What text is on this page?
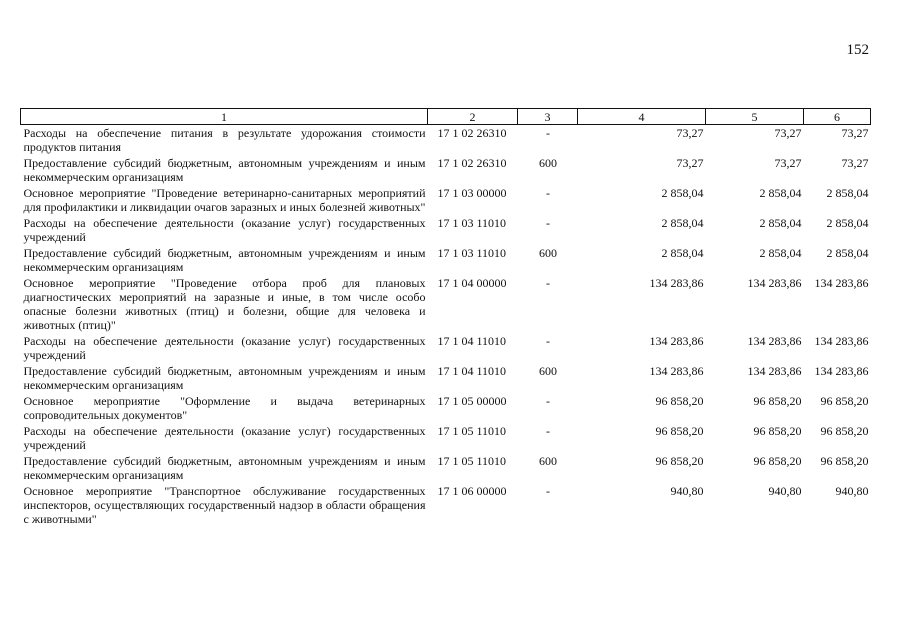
152
1	2	3	4	5	6
Расходы на обеспечение питания в результате удорожания стоимости продуктов питания	17 1 02 26310	-	73,27	73,27	73,27
Предоставление субсидий бюджетным, автономным учреждениям и иным некоммерческим организациям	17 1 02 26310	600	73,27	73,27	73,27
Основное мероприятие "Проведение ветеринарно-санитарных мероприятий для профилактики и ликвидации очагов заразных и иных болезней животных"	17 1 03 00000	-	2 858,04	2 858,04	2 858,04
Расходы на обеспечение деятельности (оказание услуг) государственных учреждений	17 1 03 11010	-	2 858,04	2 858,04	2 858,04
Предоставление субсидий бюджетным, автономным учреждениям и иным некоммерческим организациям	17 1 03 11010	600	2 858,04	2 858,04	2 858,04
Основное мероприятие "Проведение отбора проб для плановых диагностических мероприятий на заразные и иные, в том числе особо опасные болезни животных (птиц) и болезни, общие для человека и животных (птиц)"	17 1 04 00000	-	134 283,86	134 283,86	134 283,86
Расходы на обеспечение деятельности (оказание услуг) государственных учреждений	17 1 04 11010	-	134 283,86	134 283,86	134 283,86
Предоставление субсидий бюджетным, автономным учреждениям и иным некоммерческим организациям	17 1 04 11010	600	134 283,86	134 283,86	134 283,86
Основное мероприятие "Оформление и выдача ветеринарных сопроводительных документов"	17 1 05 00000	-	96 858,20	96 858,20	96 858,20
Расходы на обеспечение деятельности (оказание услуг) государственных учреждений	17 1 05 11010	-	96 858,20	96 858,20	96 858,20
Предоставление субсидий бюджетным, автономным учреждениям и иным некоммерческим организациям	17 1 05 11010	600	96 858,20	96 858,20	96 858,20
Основное мероприятие "Транспортное обслуживание государственных инспекторов, осуществляющих государственный надзор в области обращения с животными"	17 1 06 00000	-	940,80	940,80	940,80
